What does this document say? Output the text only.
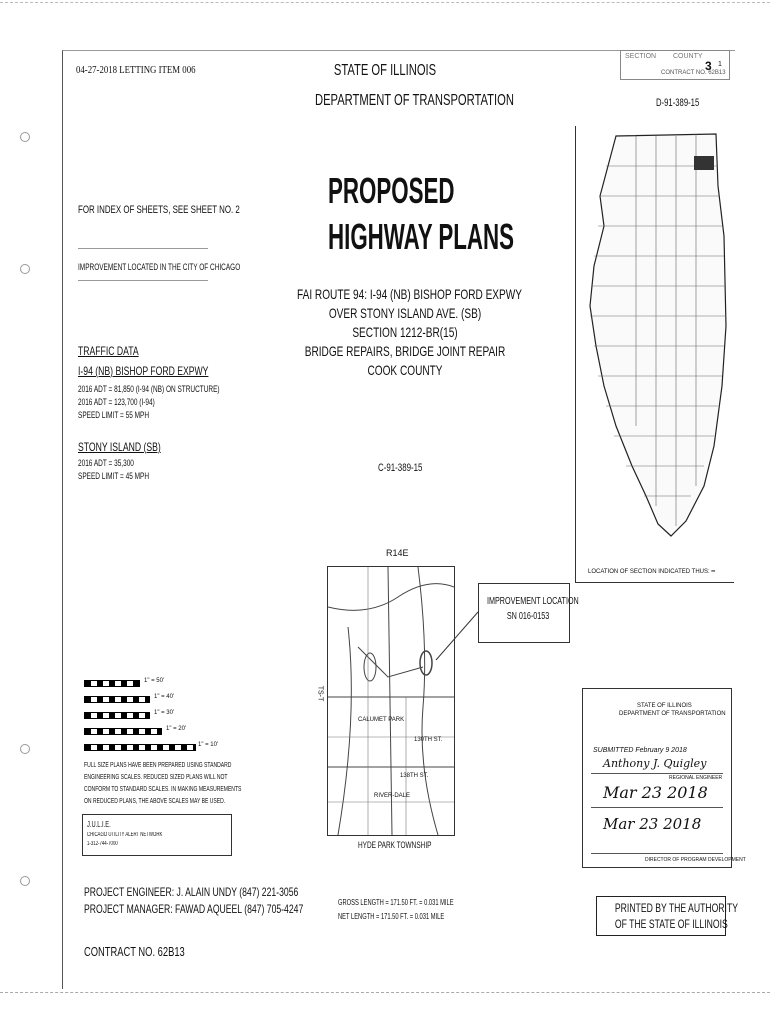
04-27-2018 LETTING ITEM 006	STATE OF ILLINOIS
DEPARTMENT OF TRANSPORTATION
SECTION COUNTY
3 1
CONTRACT NO. 62B13
D-91-389-15
PROPOSED
HIGHWAY PLANS
FOR INDEX OF SHEETS, SEE SHEET NO. 2
IMPROVEMENT LOCATED IN THE CITY OF CHICAGO
FAI ROUTE 94: I-94 (NB) BISHOP FORD EXPWY
OVER STONY ISLAND AVE. (SB)
SECTION 1212-BR(15)
BRIDGE REPAIRS, BRIDGE JOINT REPAIR
COOK COUNTY
C-91-389-15
TRAFFIC DATA
I-94 (NB) BISHOP FORD EXPWY
2016 ADT = 81,850 (I-94 (NB) ON STRUCTURE)
2016 ADT = 123,700 (I-94)
SPEED LIMIT = 55 MPH
STONY ISLAND (SB)
2016 ADT = 35,300
SPEED LIMIT = 45 MPH
LOCATION OF SECTION INDICATED THUS: ━
R14E
CALUMET PARK
RIVER-DALE
130TH ST.
138TH ST.
TS-T
HYDE PARK TOWNSHIP
IMPROVEMENT LOCATION
SN 016-0153
1" = 50'
1" = 40'
1" = 30'
1" = 20'
1" = 10'
FULL SIZE PLANS HAVE BEEN PREPARED USING STANDARD
ENGINEERING SCALES. REDUCED SIZED PLANS WILL NOT
CONFORM TO STANDARD SCALES. IN MAKING MEASUREMENTS
ON REDUCED PLANS, THE ABOVE SCALES MAY BE USED.
J.U.L.I.E.
CHICAGO UTILITY ALERT NETWORK
1-312-744-7000
STATE OF ILLINOIS
DEPARTMENT OF TRANSPORTATION
SUBMITTED February 9 2018
Anthony J. Quigley
REGIONAL ENGINEER
Mar 23 2018
Mar 23 2018
DIRECTOR OF PROGRAM DEVELOPMENT
PROJECT ENGINEER: J. ALAIN UNDY (847) 221-3056
PROJECT MANAGER: FAWAD AQUEEL (847) 705-4247	GROSS LENGTH = 171.50 FT. = 0.031 MILE
NET LENGTH = 171.50 FT. = 0.031 MILE
PRINTED BY THE AUTHORITY
OF THE STATE OF ILLINOIS
CONTRACT NO. 62B13
